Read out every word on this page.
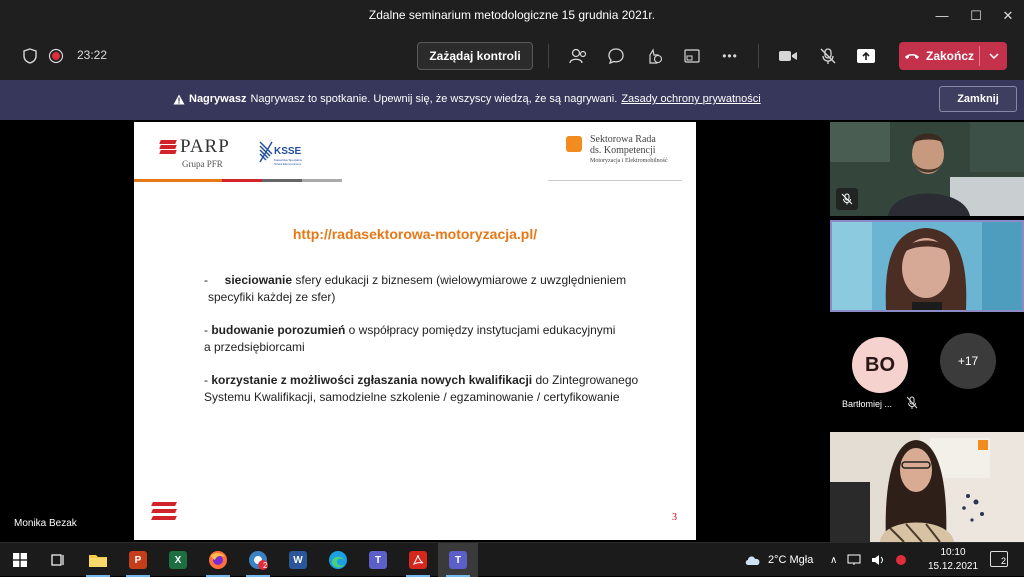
Zdalne seminarium metodologiczne 15 grudnia 2021r.	—	☐	✕
23:22	Zażądaj kontroli	•••	Zakończ
Nagrywasz Nagrywasz to spotkanie. Upewnij się, że wszyscy wiedzą, że są nagrywani. Zasady ochrony prywatności	Zamknij
PARP
Grupa PFR
KSSE
Katowicka Specjalna Strefa Ekonomiczna
Sektorowa Rada
ds. Kompetencji
Motoryzacja i Elektromobilność
http://radasektorowa-motoryzacja.pl/
- sieciowanie sfery edukacji z biznesem (wielowymiarowe z uwzględnieniem
specyfiki każdej ze sfer)
- budowanie porozumień o współpracy pomiędzy instytucjami edukacyjnymi
a przedsiębiorcami
- korzystanie z możliwości zgłaszania nowych kwalifikacji do Zintegrowanego
Systemu Kwalifikacji, samodzielne szkolenie / egzaminowanie / certyfikowanie
3
Monika Bezak
BO	+17
Bartłomiej ...
P	X	2	W	T	T	2°C Mgła ∧
10:10
15.12.2021	2
